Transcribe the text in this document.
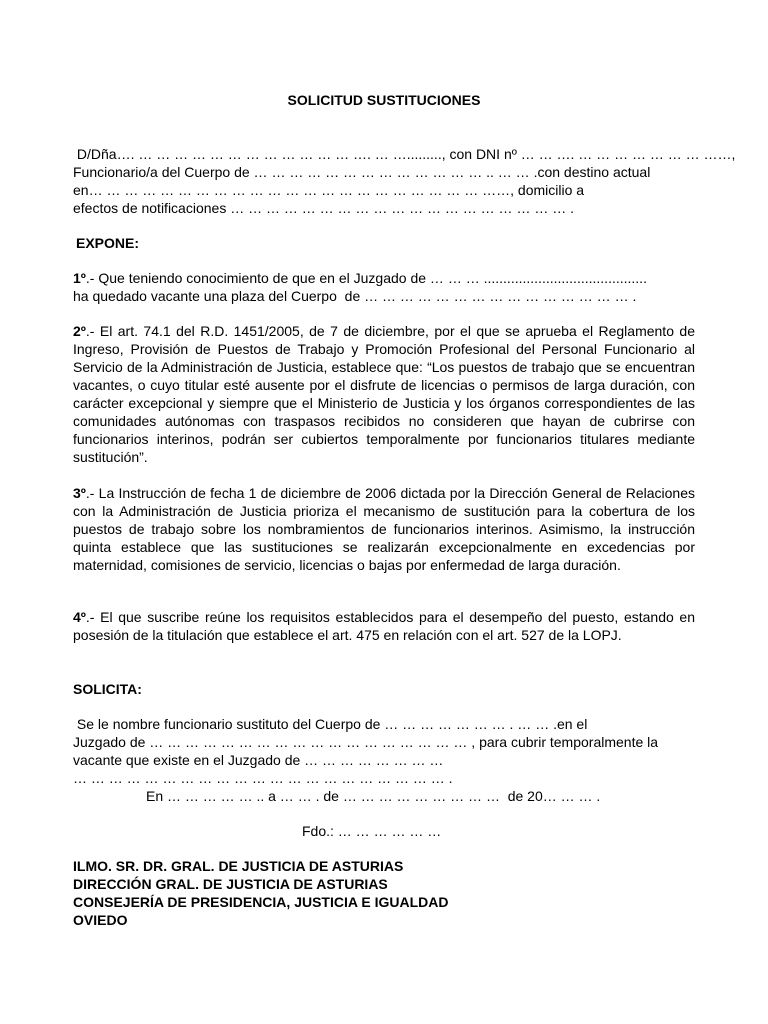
SOLICITUD SUSTITUCIONES
D/Dña…. … … … … … … … … … … … … …. … …........., con DNI nº … … …. … … … … … … … ……,
Funcionario/a del Cuerpo de … … … … … … … … … … … … … .. … … .con destino actual
en… … … … … … … … … … … … … … … … … … … … … … ……, domicilio a
efectos de notificaciones … … … … … … … … … … … … … … … … … … … .
EXPONE:
1º.- Que teniendo conocimiento de que en el Juzgado de … … … ..........................................
ha quedado vacante una plaza del Cuerpo  de … … … … … … … … … … … … … … … .
2º.- El art. 74.1 del R.D. 1451/2005, de 7 de diciembre, por el que se aprueba el Reglamento de Ingreso, Provisión de Puestos de Trabajo y Promoción Profesional del Personal Funcionario al Servicio de la Administración de Justicia, establece que: “Los puestos de trabajo que se encuentran vacantes, o cuyo titular esté ausente por el disfrute de licencias o permisos de larga duración, con carácter excepcional y siempre que el Ministerio de Justicia y los órganos correspondientes de las comunidades autónomas con traspasos recibidos no consideren que hayan de cubrirse con funcionarios interinos, podrán ser cubiertos temporalmente por funcionarios titulares mediante sustitución”.
3º.- La Instrucción de fecha 1 de diciembre de 2006 dictada por la Dirección General de Relaciones con la Administración de Justicia prioriza el mecanismo de sustitución para la cobertura de los puestos de trabajo sobre los nombramientos de funcionarios interinos. Asimismo, la instrucción quinta establece que las sustituciones se realizarán excepcionalmente en excedencias por maternidad, comisiones de servicio, licencias o bajas por enfermedad de larga duración.
4º.- El que suscribe reúne los requisitos establecidos para el desempeño del puesto, estando en posesión de la titulación que establece el art. 475 en relación con el art. 527 de la LOPJ.
SOLICITA:
Se le nombre funcionario sustituto del Cuerpo de … … … … … … … . … … .en el
Juzgado de … … … … … … … … … … … … … … … … … … , para cubrir temporalmente la
vacante que existe en el Juzgado de … … … … … … … …
… … … … … … … … … … … … … … … … … … … … … .
En … … … … … .. a … … . de … … … … … … … … …  de 20… … … .
Fdo.: … … … … … …
ILMO. SR. DR. GRAL. DE JUSTICIA DE ASTURIAS
DIRECCIÓN GRAL. DE JUSTICIA DE ASTURIAS
CONSEJERÍA DE PRESIDENCIA, JUSTICIA E IGUALDAD
OVIEDO
